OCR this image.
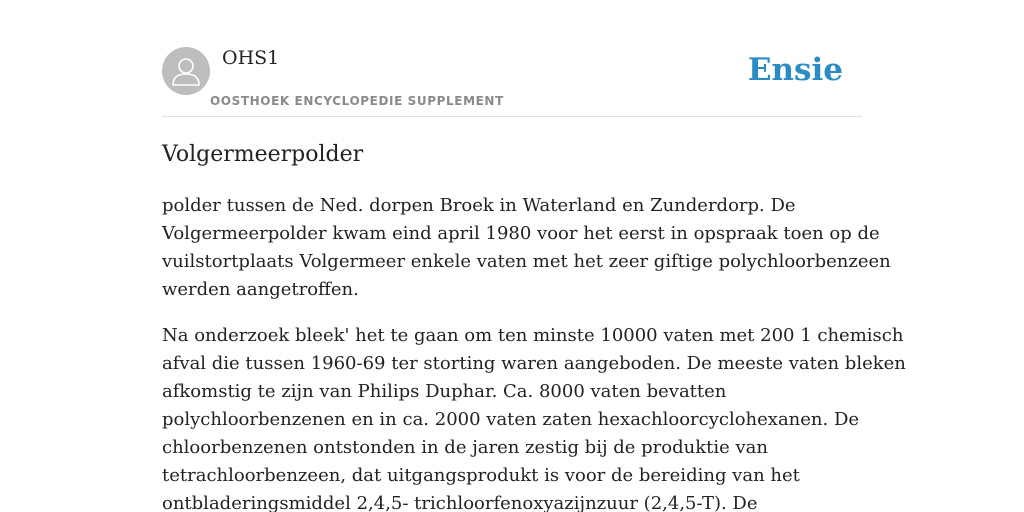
OHS1
OOSTHOEK ENCYCLOPEDIE SUPPLEMENT
Ensie
Volgermeerpolder

polder tussen de Ned. dorpen Broek in Waterland en Zunderdorp. De
Volgermeerpolder kwam eind april 1980 voor het eerst in opspraak toen op de
vuilstortplaats Volgermeer enkele vaten met het zeer giftige polychloorbenzeen
werden aangetroffen.

Na onderzoek bleek' het te gaan om ten minste 10000 vaten met 200 1 chemisch
afval die tussen 1960-69 ter storting waren aangeboden. De meeste vaten bleken
afkomstig te zijn van Philips Duphar. Ca. 8000 vaten bevatten
polychloorbenzenen en in ca. 2000 vaten zaten hexachloorcyclohexanen. De
chloorbenzenen ontstonden in de jaren zestig bij de produktie van
tetrachloorbenzeen, dat uitgangsprodukt is voor de bereiding van het
ontbladeringsmiddel 2,4,5- trichloorfenoxyazijnzuur (2,4,5-T). De
